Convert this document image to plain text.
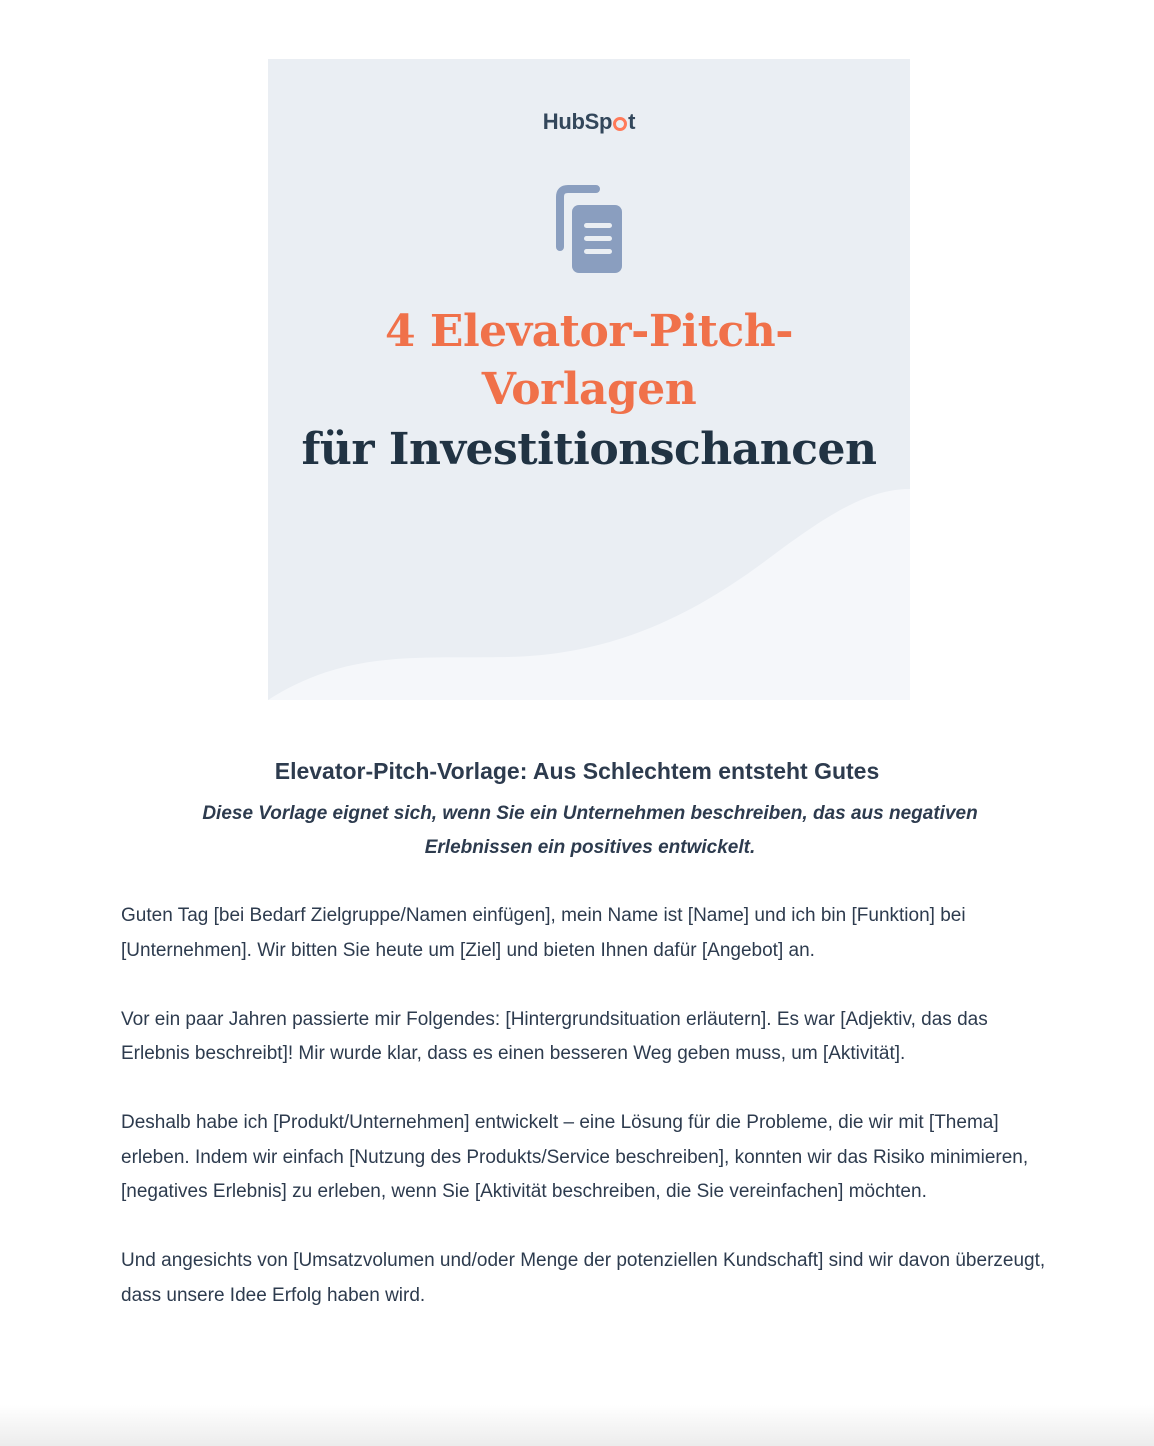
HubSp t
4 Elevator-Pitch-
Vorlagen
für Investitionschancen
Elevator-Pitch-Vorlage: Aus Schlechtem entsteht Gutes
Diese Vorlage eignet sich, wenn Sie ein Unternehmen beschreiben, das aus negativen
Erlebnissen ein positives entwickelt.

Guten Tag [bei Bedarf Zielgruppe/Namen einfügen], mein Name ist [Name] und ich bin [Funktion] bei [Unternehmen]. Wir bitten Sie heute um [Ziel] und bieten Ihnen dafür [Angebot] an.

Vor ein paar Jahren passierte mir Folgendes: [Hintergrundsituation erläutern]. Es war [Adjektiv, das das Erlebnis beschreibt]! Mir wurde klar, dass es einen besseren Weg geben muss, um [Aktivität].

Deshalb habe ich [Produkt/Unternehmen] entwickelt – eine Lösung für die Probleme, die wir mit [Thema] erleben. Indem wir einfach [Nutzung des Produkts/Service beschreiben], konnten wir das Risiko minimieren, [negatives Erlebnis] zu erleben, wenn Sie [Aktivität beschreiben, die Sie vereinfachen] möchten.

Und angesichts von [Umsatzvolumen und/oder Menge der potenziellen Kundschaft] sind wir davon überzeugt, dass unsere Idee Erfolg haben wird.
